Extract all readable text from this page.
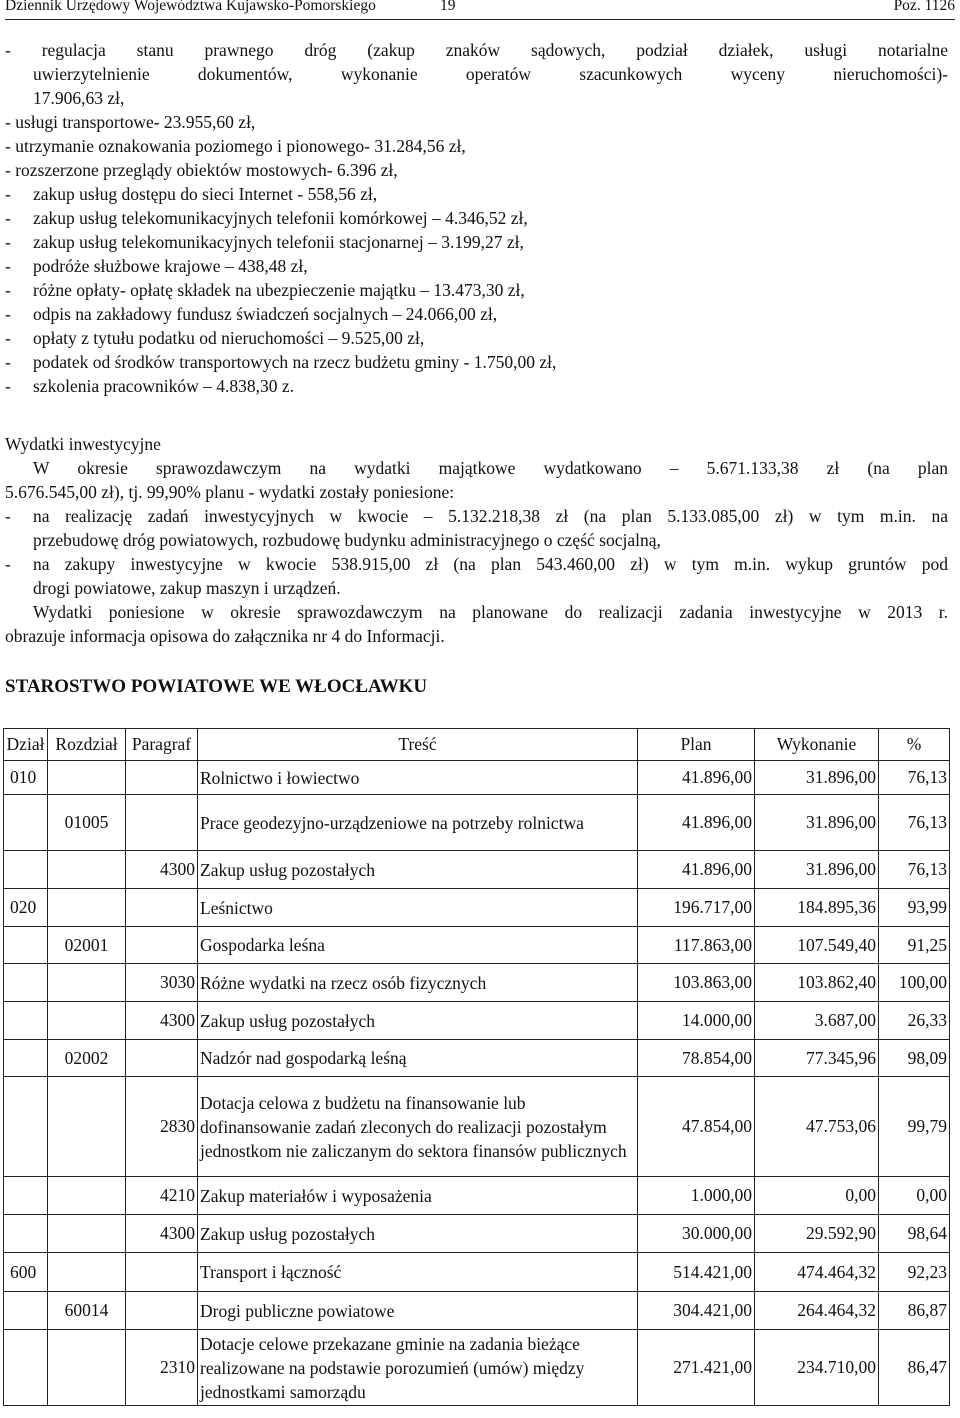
Dziennik Urzędowy Województwa Kujawsko-Pomorskiego	19	Poz. 1126
- regulacja stanu prawnego dróg (zakup znaków sądowych, podział działek, usługi notarialne
uwierzytelnienie dokumentów, wykonanie operatów szacunkowych wyceny nieruchomości)-
17.906,63 zł,
- usługi transportowe- 23.955,60 zł,
- utrzymanie oznakowania poziomego i pionowego- 31.284,56 zł,
- rozszerzone przeglądy obiektów mostowych- 6.396 zł,
- zakup usług dostępu do sieci Internet - 558,56 zł,
- zakup usług telekomunikacyjnych telefonii komórkowej – 4.346,52 zł,
- zakup usług telekomunikacyjnych telefonii stacjonarnej – 3.199,27 zł,
- podróże służbowe krajowe – 438,48 zł,
- różne opłaty- opłatę składek na ubezpieczenie majątku – 13.473,30 zł,
- odpis na zakładowy fundusz świadczeń socjalnych – 24.066,00 zł,
- opłaty z tytułu podatku od nieruchomości – 9.525,00 zł,
- podatek od środków transportowych na rzecz budżetu gminy - 1.750,00 zł,
- szkolenia pracowników – 4.838,30 z.
Wydatki inwestycyjne
W okresie sprawozdawczym na wydatki majątkowe wydatkowano – 5.671.133,38 zł (na plan
5.676.545,00 zł), tj. 99,90% planu - wydatki zostały poniesione:
-	na realizację zadań inwestycyjnych w kwocie – 5.132.218,38 zł (na plan 5.133.085,00 zł) w tym m.in. na
przebudowę dróg powiatowych, rozbudowę budynku administracyjnego o część socjalną,
-	na zakupy inwestycyjne w kwocie 538.915,00 zł (na plan 543.460,00 zł) w tym m.in. wykup gruntów pod
drogi powiatowe, zakup maszyn i urządzeń.
Wydatki poniesione w okresie sprawozdawczym na planowane do realizacji zadania inwestycyjne w 2013 r.
obrazuje informacja opisowa do załącznika nr 4 do Informacji.
STAROSTWO POWIATOWE WE WŁOCŁAWKU
Dział	Rozdział	Paragraf	Treść	Plan	Wykonanie	%
010			Rolnictwo i łowiectwo	41.896,00	31.896,00	76,13
	01005		Prace geodezyjno-urządzeniowe na potrzeby rolnictwa	41.896,00	31.896,00	76,13
		4300	Zakup usług pozostałych	41.896,00	31.896,00	76,13
020			Leśnictwo	196.717,00	184.895,36	93,99
	02001		Gospodarka leśna	117.863,00	107.549,40	91,25
		3030	Różne wydatki na rzecz osób fizycznych	103.863,00	103.862,40	100,00
		4300	Zakup usług pozostałych	14.000,00	3.687,00	26,33
	02002		Nadzór nad gospodarką leśną	78.854,00	77.345,96	98,09
		2830	Dotacja celowa z budżetu na finansowanie lub dofinansowanie zadań zleconych do realizacji pozostałym jednostkom nie zaliczanym do sektora finansów publicznych	47.854,00	47.753,06	99,79
		4210	Zakup materiałów i wyposażenia	1.000,00	0,00	0,00
		4300	Zakup usług pozostałych	30.000,00	29.592,90	98,64
600			Transport i łączność	514.421,00	474.464,32	92,23
	60014		Drogi publiczne powiatowe	304.421,00	264.464,32	86,87
		2310	Dotacje celowe przekazane gminie na zadania bieżące realizowane na podstawie porozumień (umów) między jednostkami samorządu	271.421,00	234.710,00	86,47
